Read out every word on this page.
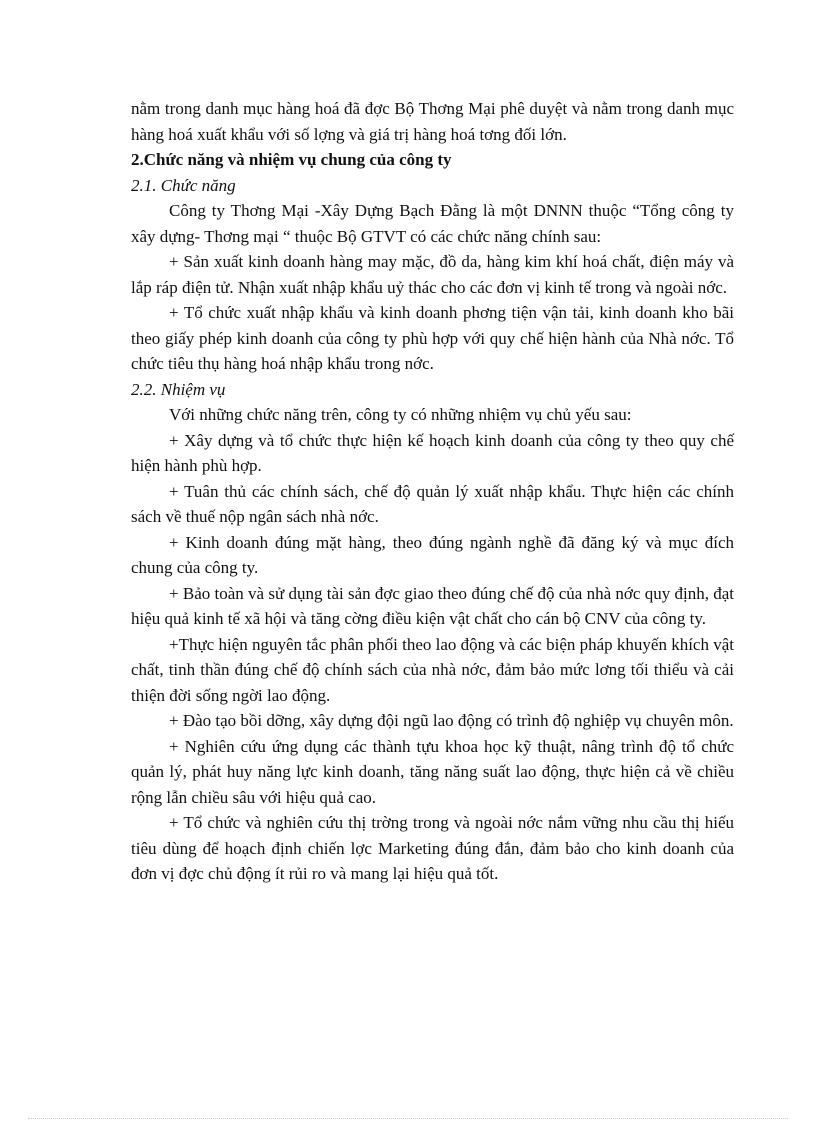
nằm trong danh mục hàng hoá đã đợc Bộ Thơng Mại phê duyệt và nằm trong danh mục hàng hoá xuất khẩu với số lợng và giá trị hàng hoá tơng đối lớn.

2.Chức năng và nhiệm vụ chung của công ty

2.1. Chức năng

Công ty Thơng Mại -Xây Dựng Bạch Đằng là một DNNN thuộc “Tổng công ty xây dựng- Thơng mại “ thuộc Bộ GTVT có các chức năng chính sau:

+ Sản xuất kinh doanh hàng may mặc, đồ da, hàng kim khí hoá chất, điện máy và lắp ráp điện tử. Nhận xuất nhập khẩu uỷ thác cho các đơn vị kinh tế trong và ngoài nớc.

+ Tổ chức xuất nhập khẩu và kinh doanh phơng tiện vận tải, kinh doanh kho bãi theo giấy phép kinh doanh của công ty phù hợp với quy chế hiện hành của Nhà nớc. Tổ chức tiêu thụ hàng hoá nhập khẩu trong nớc.

2.2. Nhiệm vụ

Với những chức năng trên, công ty có những nhiệm vụ chủ yếu sau:

+ Xây dựng và tổ chức thực hiện kế hoạch kinh doanh của công ty theo quy chế hiện hành phù hợp.

+ Tuân thủ các chính sách, chế độ quản lý xuất nhập khẩu. Thực hiện các chính sách về thuế nộp ngân sách nhà nớc.

+ Kinh doanh đúng mặt hàng, theo đúng ngành nghề đã đăng ký và mục đích chung của công ty.

+ Bảo toàn và sử dụng tài sản đợc giao theo đúng chế độ của nhà nớc quy định, đạt hiệu quả kinh tế xã hội và tăng cờng điều kiện vật chất cho cán bộ CNV của công ty.

+Thực hiện nguyên tắc phân phối theo lao động và các biện pháp khuyến khích vật chất, tinh thần đúng chế độ chính sách của nhà nớc, đảm bảo mức lơng tối thiểu và cải thiện đời sống ngời lao động.

+ Đào tạo bồi dỡng, xây dựng đội ngũ lao động có trình độ nghiệp vụ chuyên môn.

+ Nghiên cứu ứng dụng các thành tựu khoa học kỹ thuật, nâng trình độ tổ chức quản lý, phát huy năng lực kinh doanh, tăng năng suất lao động, thực hiện cả về chiều rộng lẫn chiều sâu với hiệu quả cao.

+ Tổ chức và nghiên cứu thị trờng trong và ngoài nớc nắm vững nhu cầu thị hiếu tiêu dùng để hoạch định chiến lợc Marketing đúng đắn, đảm bảo cho kinh doanh của đơn vị đợc chủ động ít rủi ro và mang lại hiệu quả tốt.
